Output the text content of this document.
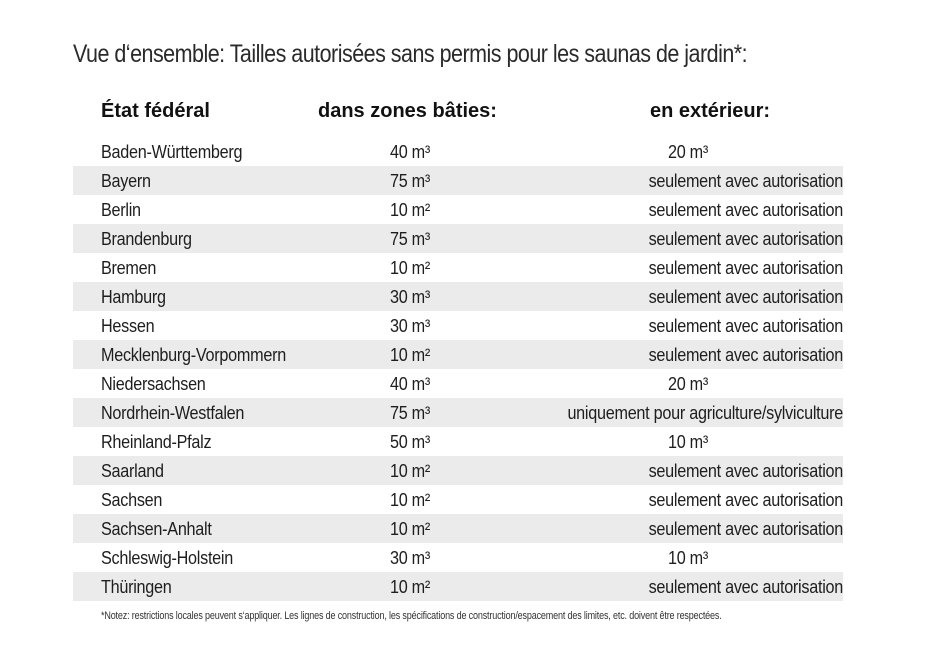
Vue d‘ensemble: Tailles autorisées sans permis pour les saunas de jardin*:
État fédéral	dans zones bâties:	en extérieur:
Baden-Württemberg	40 m³	20 m³
Bayern	75 m³	seulement avec autorisation
Berlin	10 m²	seulement avec autorisation
Brandenburg	75 m³	seulement avec autorisation
Bremen	10 m²	seulement avec autorisation
Hamburg	30 m³	seulement avec autorisation
Hessen	30 m³	seulement avec autorisation
Mecklenburg-Vorpommern	10 m²	seulement avec autorisation
Niedersachsen	40 m³	20 m³
Nordrhein-Westfalen	75 m³	uniquement pour agriculture/sylviculture
Rheinland-Pfalz	50 m³	10 m³
Saarland	10 m²	seulement avec autorisation
Sachsen	10 m²	seulement avec autorisation
Sachsen-Anhalt	10 m²	seulement avec autorisation
Schleswig-Holstein	30 m³	10 m³
Thüringen	10 m²	seulement avec autorisation
*Notez: restrictions locales peuvent s‘appliquer. Les lignes de construction, les spécifications de construction/espacement des limites, etc. doivent être respectées.
